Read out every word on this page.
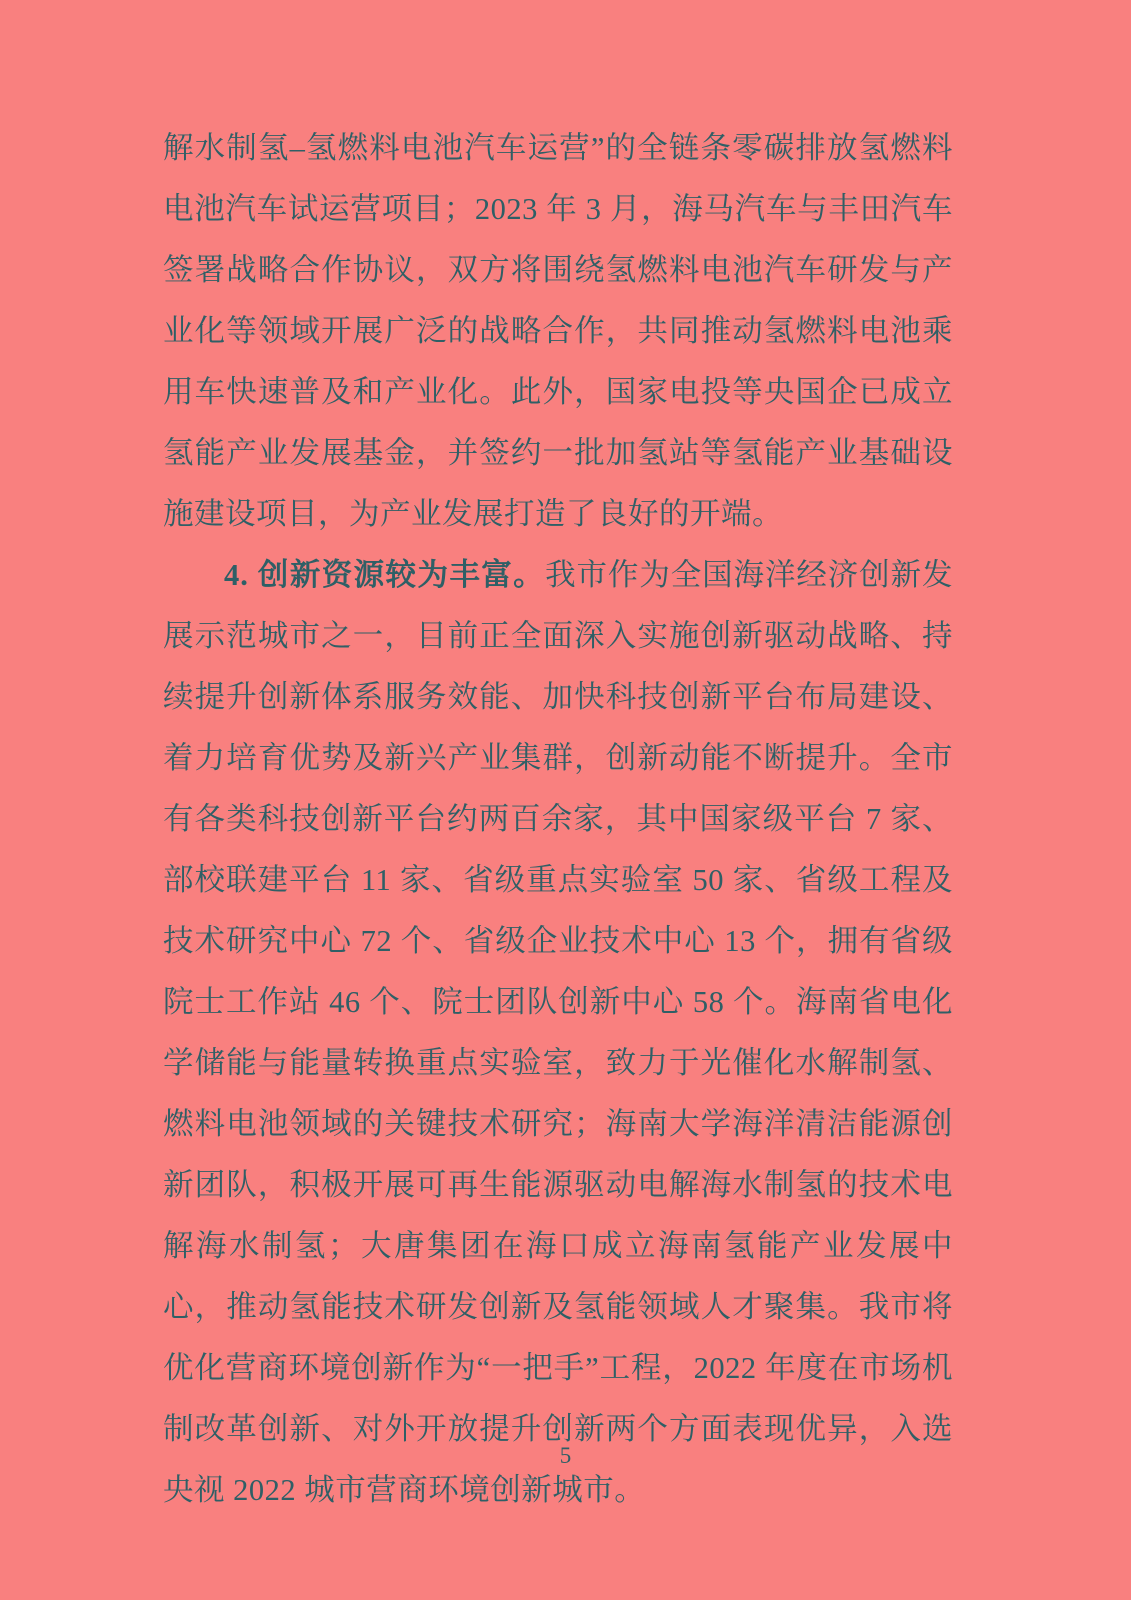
解水制氢–氢燃料电池汽车运营”的全链条零碳排放氢燃料电池汽车试运营项目；2023 年 3 月，海马汽车与丰田汽车签署战略合作协议，双方将围绕氢燃料电池汽车研发与产业化等领域开展广泛的战略合作，共同推动氢燃料电池乘用车快速普及和产业化。此外，国家电投等央国企已成立氢能产业发展基金，并签约一批加氢站等氢能产业基础设施建设项目，为产业发展打造了良好的开端。

4. 创新资源较为丰富。我市作为全国海洋经济创新发展示范城市之一，目前正全面深入实施创新驱动战略、持续提升创新体系服务效能、加快科技创新平台布局建设、着力培育优势及新兴产业集群，创新动能不断提升。全市有各类科技创新平台约两百余家，其中国家级平台 7 家、部校联建平台 11 家、省级重点实验室 50 家、省级工程及技术研究中心 72 个、省级企业技术中心 13 个，拥有省级院士工作站 46 个、院士团队创新中心 58 个。海南省电化学储能与能量转换重点实验室，致力于光催化水解制氢、燃料电池领域的关键技术研究；海南大学海洋清洁能源创新团队，积极开展可再生能源驱动电解海水制氢的技术电解海水制氢；大唐集团在海口成立海南氢能产业发展中心，推动氢能技术研发创新及氢能领域人才聚集。我市将优化营商环境创新作为“一把手”工程，2022 年度在市场机制改革创新、对外开放提升创新两个方面表现优异，入选央视 2022 城市营商环境创新城市。

5
